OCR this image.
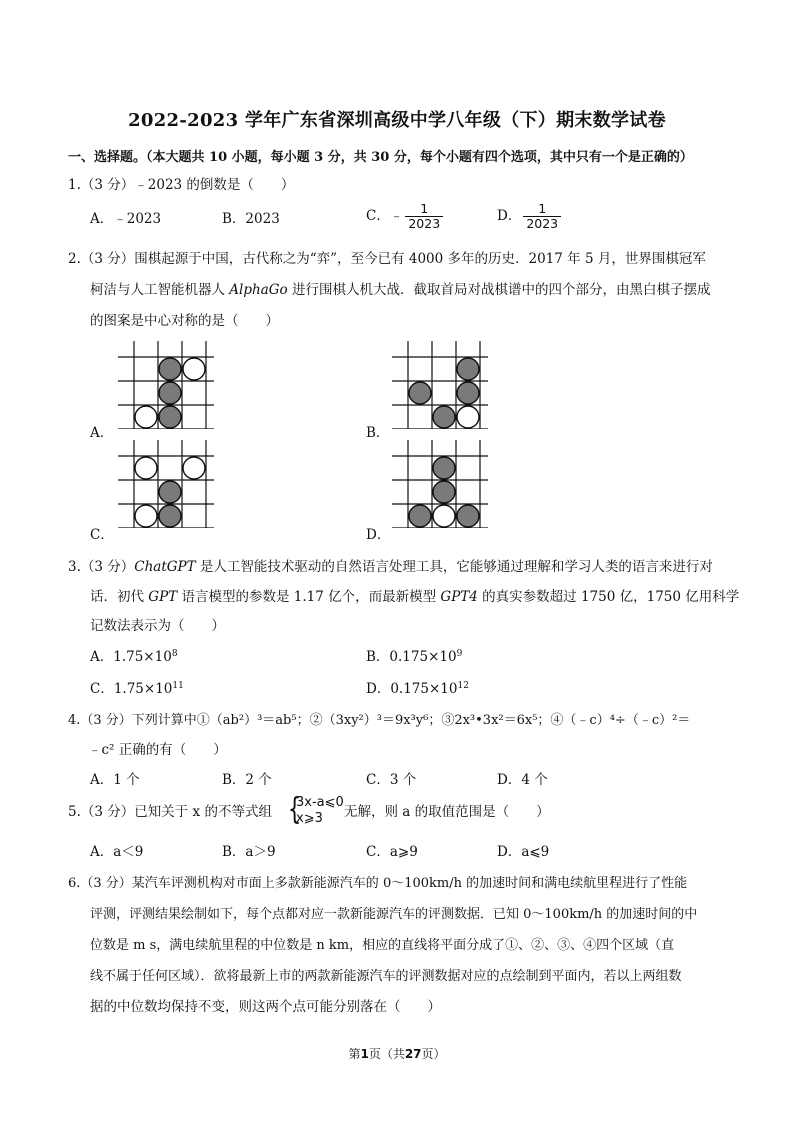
2022-2023 学年广东省深圳高级中学八年级（下）期末数学试卷
一、选择题。（本大题共 10 小题，每小题 3 分，共 30 分，每个小题有四个选项，其中只有一个是正确的）
1.（3 分）﹣2023 的倒数是（　　）
A．﹣2023	B．2023	C．﹣ $\frac{1}{2023}$	D． $\frac{1}{2023}$
2.（3 分）围棋起源于中国，古代称之为“弈”，至今已有 4000 多年的历史．2017 年 5 月，世界围棋冠军
柯洁与人工智能机器人 AlphaGo 进行围棋人机大战．截取首局对战棋谱中的四个部分，由黑白棋子摆成
的图案是中心对称的是（　　）
A．	B．
C．	D．
3.（3 分）ChatGPT 是人工智能技术驱动的自然语言处理工具，它能够通过理解和学习人类的语言来进行对
话．初代 GPT 语言模型的参数是 1.17 亿个，而最新模型 GPT4 的真实参数超过 1750 亿，1750 亿用科学
记数法表示为（　　）
A．$1.75\times 10^8$	B．$0.175\times 10^9$
C．$1.75\times 10^{11}$	D．$0.175\times 10^{12}$
4.（3 分）下列计算中①（ab²）³＝ab⁵；②（3xy²）³＝9x³y⁶；③2x³•3x²＝6x⁵；④（﹣c）⁴÷（﹣c）²＝
﹣c² 正确的有（　　）
A．1 个	B．2 个	C．3 个	D．4 个
5.（3 分）已知关于 x 的不等式组 {
3x-a⩽0
x⩾3 无解，则 a 的取值范围是（　　）
A．a＜9	B．a＞9	C．a⩾9	D．a⩽9
6.（3 分）某汽车评测机构对市面上多款新能源汽车的 0～100km/h 的加速时间和满电续航里程进行了性能
评测，评测结果绘制如下，每个点都对应一款新能源汽车的评测数据．已知 0～100km/h 的加速时间的中
位数是 m s，满电续航里程的中位数是 n km，相应的直线将平面分成了①、②、③、④四个区域（直
线不属于任何区域）．欲将最新上市的两款新能源汽车的评测数据对应的点绘制到平面内，若以上两组数
据的中位数均保持不变，则这两个点可能分别落在（　　）
第1页（共27页）
